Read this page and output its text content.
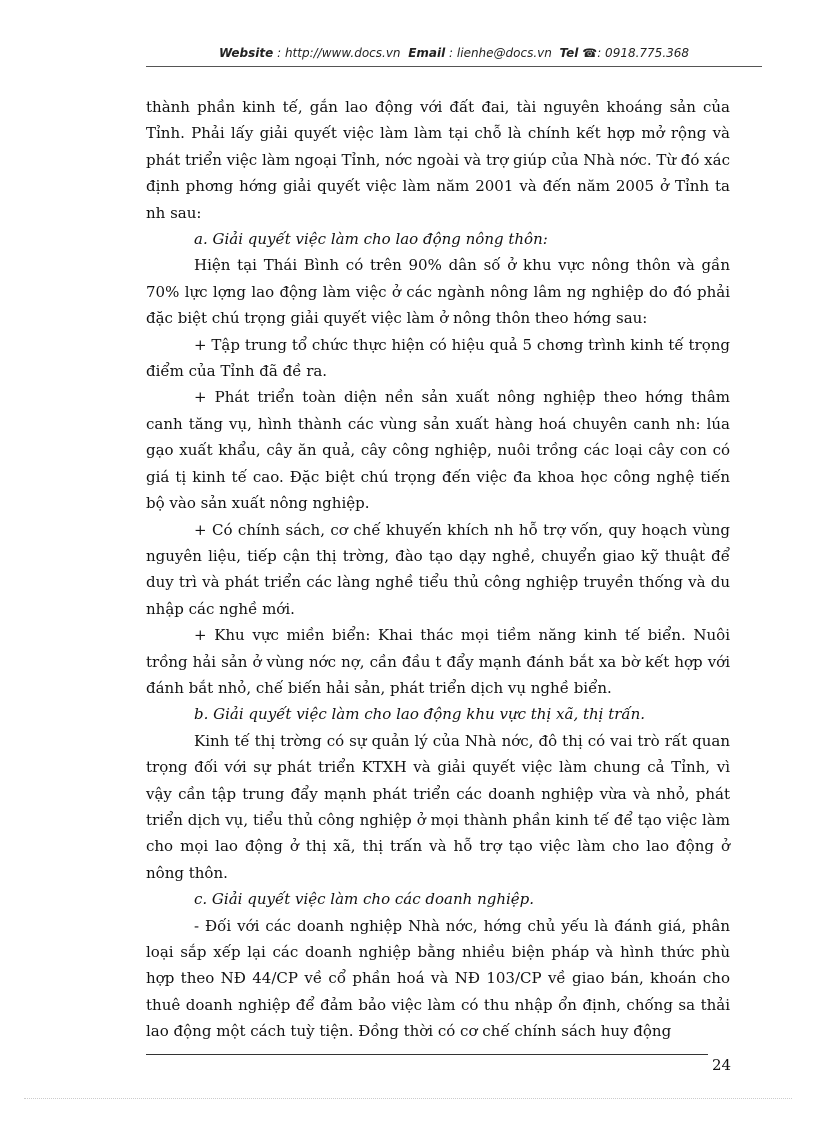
Website : http://www.docs.vn Email : lienhe@docs.vn Tel ☎: 0918.775.368

thành phần kinh tế, gắn lao động với đất đai, tài nguyên khoáng sản của Tỉnh. Phải lấy giải quyết việc làm làm tại chỗ là chính kết hợp mở rộng và phát triển việc làm ngoại Tỉnh, nớc ngoài và trợ giúp của Nhà nớc. Từ đó xác định phơng hớng giải quyết việc làm năm 2001 và đến năm 2005 ở Tỉnh ta nh sau:

a. Giải quyết việc làm cho lao động nông thôn:

Hiện tại Thái Bình có trên 90% dân số ở khu vực nông thôn và gần 70% lực lợng lao động làm việc ở các ngành nông lâm ng nghiệp do đó phải đặc biệt chú trọng giải quyết việc làm ở nông thôn theo hớng sau:

+ Tập trung tổ chức thực hiện có hiệu quả 5 chơng trình kinh tế trọng điểm của Tỉnh đã đề ra.

+ Phát triển toàn diện nền sản xuất nông nghiệp theo hớng thâm canh tăng vụ, hình thành các vùng sản xuất hàng hoá chuyên canh nh: lúa gạo xuất khẩu, cây ăn quả, cây công nghiệp, nuôi trồng các loại cây con có giá tị kinh tế cao. Đặc biệt chú trọng đến việc đa khoa học công nghệ tiến bộ vào sản xuất nông nghiệp.

+ Có chính sách, cơ chế khuyến khích nh hỗ trợ vốn, quy hoạch vùng nguyên liệu, tiếp cận thị trờng, đào tạo dạy nghề, chuyển giao kỹ thuật để duy trì và phát triển các làng nghề tiểu thủ công nghiệp truyền thống và du nhập các nghề mới.

+ Khu vực miền biển: Khai thác mọi tiềm năng kinh tế biển. Nuôi trồng hải sản ở vùng nớc nợ, cần đầu t đẩy mạnh đánh bắt xa bờ kết hợp với đánh bắt nhỏ, chế biến hải sản, phát triển dịch vụ nghề biển.

b. Giải quyết việc làm cho lao động khu vực thị xã, thị trấn.

Kinh tế thị trờng có sự quản lý của Nhà nớc, đô thị có vai trò rất quan trọng đối với sự phát triển KTXH và giải quyết việc làm chung cả Tỉnh, vì vậy cần tập trung đẩy mạnh phát triển các doanh nghiệp vừa và nhỏ, phát triển dịch vụ, tiểu thủ công nghiệp ở mọi thành phần kinh tế để tạo việc làm cho mọi lao động ở thị xã, thị trấn và hỗ trợ tạo việc làm cho lao động ở nông thôn.

c. Giải quyết việc làm cho các doanh nghiệp.

- Đối với các doanh nghiệp Nhà nớc, hớng chủ yếu là đánh giá, phân loại sắp xếp lại các doanh nghiệp bằng nhiều biện pháp và hình thức phù hợp theo NĐ 44/CP về cổ phần hoá và NĐ 103/CP về giao bán, khoán cho thuê doanh nghiệp để đảm bảo việc làm có thu nhập ổn định, chống sa thải lao động một cách tuỳ tiện. Đồng thời có cơ chế chính sách huy động

24
